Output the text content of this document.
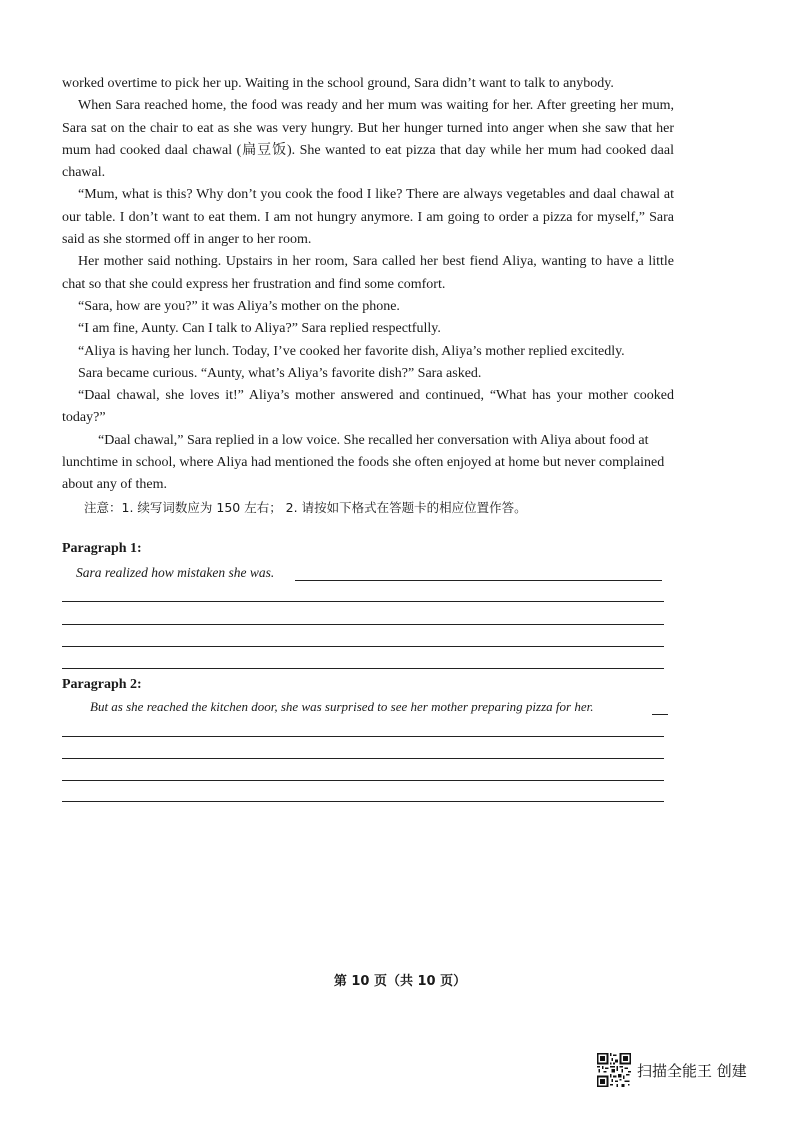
worked overtime to pick her up. Waiting in the school ground, Sara didn’t want to talk to anybody.

When Sara reached home, the food was ready and her mum was waiting for her. After greeting her mum, Sara sat on the chair to eat as she was very hungry. But her hunger turned into anger when she saw that her mum had cooked daal chawal (扁豆饭). She wanted to eat pizza that day while her mum had cooked daal chawal.

“Mum, what is this? Why don’t you cook the food I like? There are always vegetables and daal chawal at our table. I don’t want to eat them. I am not hungry anymore. I am going to order a pizza for myself,” Sara said as she stormed off in anger to her room.

Her mother said nothing. Upstairs in her room, Sara called her best fiend Aliya, wanting to have a little chat so that she could express her frustration and find some comfort.

“Sara, how are you?” it was Aliya’s mother on the phone.

“I am fine, Aunty. Can I talk to Aliya?” Sara replied respectfully.

“Aliya is having her lunch. Today, I’ve cooked her favorite dish, Aliya’s mother replied excitedly.

Sara became curious. “Aunty, what’s Aliya’s favorite dish?” Sara asked.

“Daal chawal, she loves it!” Aliya’s mother answered and continued, “What has your mother cooked today?”

“Daal chawal,” Sara replied in a low voice. She recalled her conversation with Aliya about food at lunchtime in school, where Aliya had mentioned the foods she often enjoyed at home but never complained about any of them.

注意：1. 续写词数应为 150 左右； 2. 请按如下格式在答题卡的相应位置作答。
Paragraph 1:
Sara realized how mistaken she was.
Paragraph 2:
But as she reached the kitchen door, she was surprised to see her mother preparing pizza for her.
第 10 页（共 10 页）
扫描全能王 创建
